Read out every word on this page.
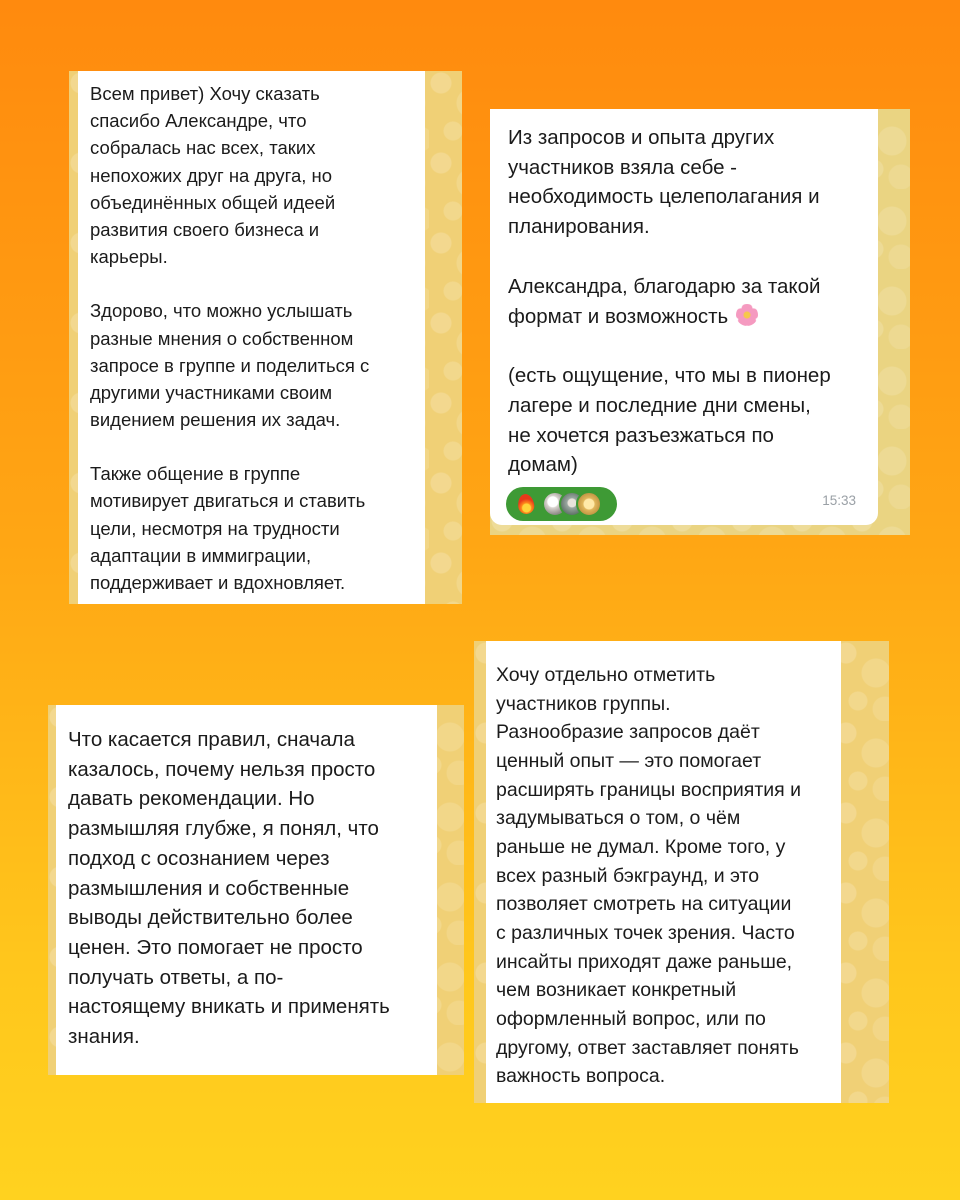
Всем привет) Хочу сказать
спасибо Александре, что
собралась нас всех, таких
непохожих друг на друга, но
объединённых общей идеей
развития своего бизнеса и
карьеры.

Здорово, что можно услышать
разные мнения о собственном
запросе в группе и поделиться с
другими участниками своим
видением решения их задач.

Также общение в группе
мотивирует двигаться и ставить
цели, несмотря на трудности
адаптации в иммиграции,
поддерживает и вдохновляет.

Из запросов и опыта других
участников взяла себе -
необходимость целеполагания и
планирования.

Александра, благодарю за такой
формат и возможность

(есть ощущение, что мы в пионер
лагере и последние дни смены,
не хочется разъезжаться по
домам)

15:33

Что касается правил, сначала
казалось, почему нельзя просто
давать рекомендации. Но
размышляя глубже, я понял, что
подход с осознанием через
размышления и собственные
выводы действительно более
ценен. Это помогает не просто
получать ответы, а по-
настоящему вникать и применять
знания.

Хочу отдельно отметить
участников группы.
Разнообразие запросов даёт
ценный опыт — это помогает
расширять границы восприятия и
задумываться о том, о чём
раньше не думал. Кроме того, у
всех разный бэкграунд, и это
позволяет смотреть на ситуации
с различных точек зрения. Часто
инсайты приходят даже раньше,
чем возникает конкретный
оформленный вопрос, или по
другому, ответ заставляет понять
важность вопроса.
